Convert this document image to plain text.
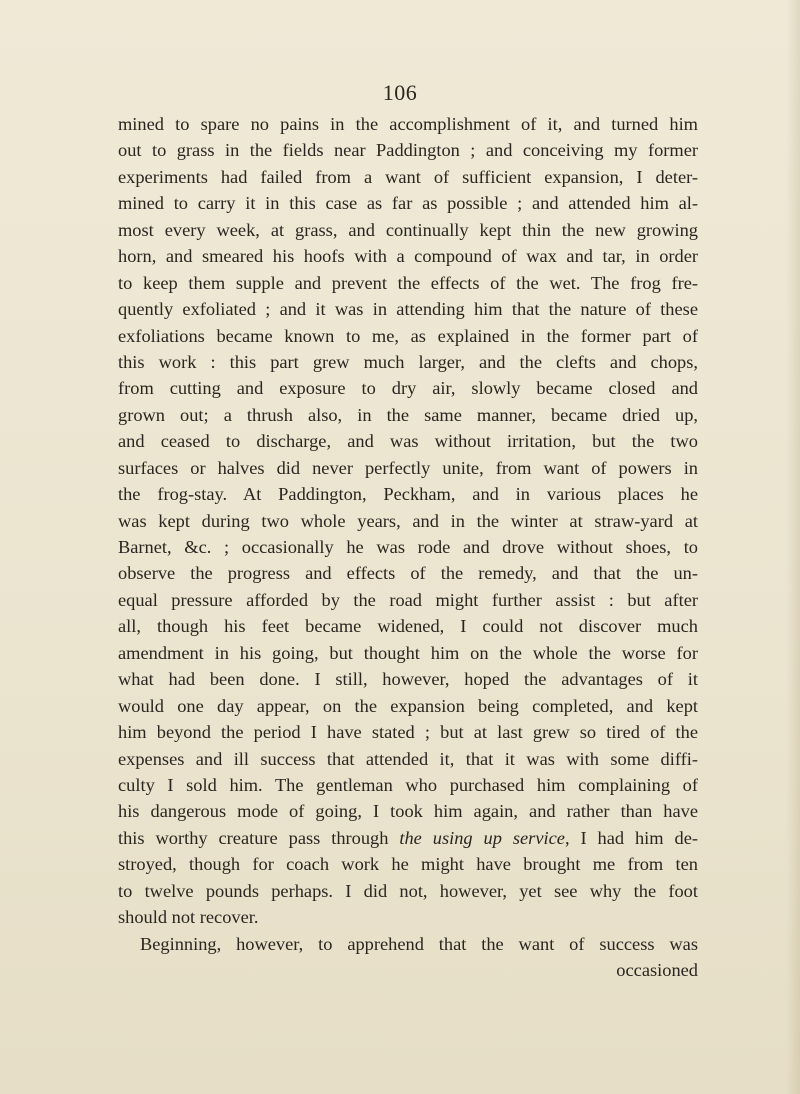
106
mined to spare no pains in the accomplishment of it, and turned him
out to grass in the fields near Paddington ; and conceiving my former
experiments had failed from a want of sufficient expansion, I deter-
mined to carry it in this case as far as possible ; and attended him al-
most every week, at grass, and continually kept thin the new growing
horn, and smeared his hoofs with a compound of wax and tar, in order
to keep them supple and prevent the effects of the wet. The frog fre-
quently exfoliated ; and it was in attending him that the nature of these
exfoliations became known to me, as explained in the former part of
this work : this part grew much larger, and the clefts and chops,
from cutting and exposure to dry air, slowly became closed and
grown out; a thrush also, in the same manner, became dried up,
and ceased to discharge, and was without irritation, but the two
surfaces or halves did never perfectly unite, from want of powers in
the frog-stay. At Paddington, Peckham, and in various places he
was kept during two whole years, and in the winter at straw-yard at
Barnet, &c. ; occasionally he was rode and drove without shoes, to
observe the progress and effects of the remedy, and that the un-
equal pressure afforded by the road might further assist : but after
all, though his feet became widened, I could not discover much
amendment in his going, but thought him on the whole the worse for
what had been done. I still, however, hoped the advantages of it
would one day appear, on the expansion being completed, and kept
him beyond the period I have stated ; but at last grew so tired of the
expenses and ill success that attended it, that it was with some diffi-
culty I sold him. The gentleman who purchased him complaining of
his dangerous mode of going, I took him again, and rather than have
this worthy creature pass through the using up service, I had him de-
stroyed, though for coach work he might have brought me from ten
to twelve pounds perhaps. I did not, however, yet see why the foot
should not recover.
Beginning, however, to apprehend that the want of success was
occasioned
